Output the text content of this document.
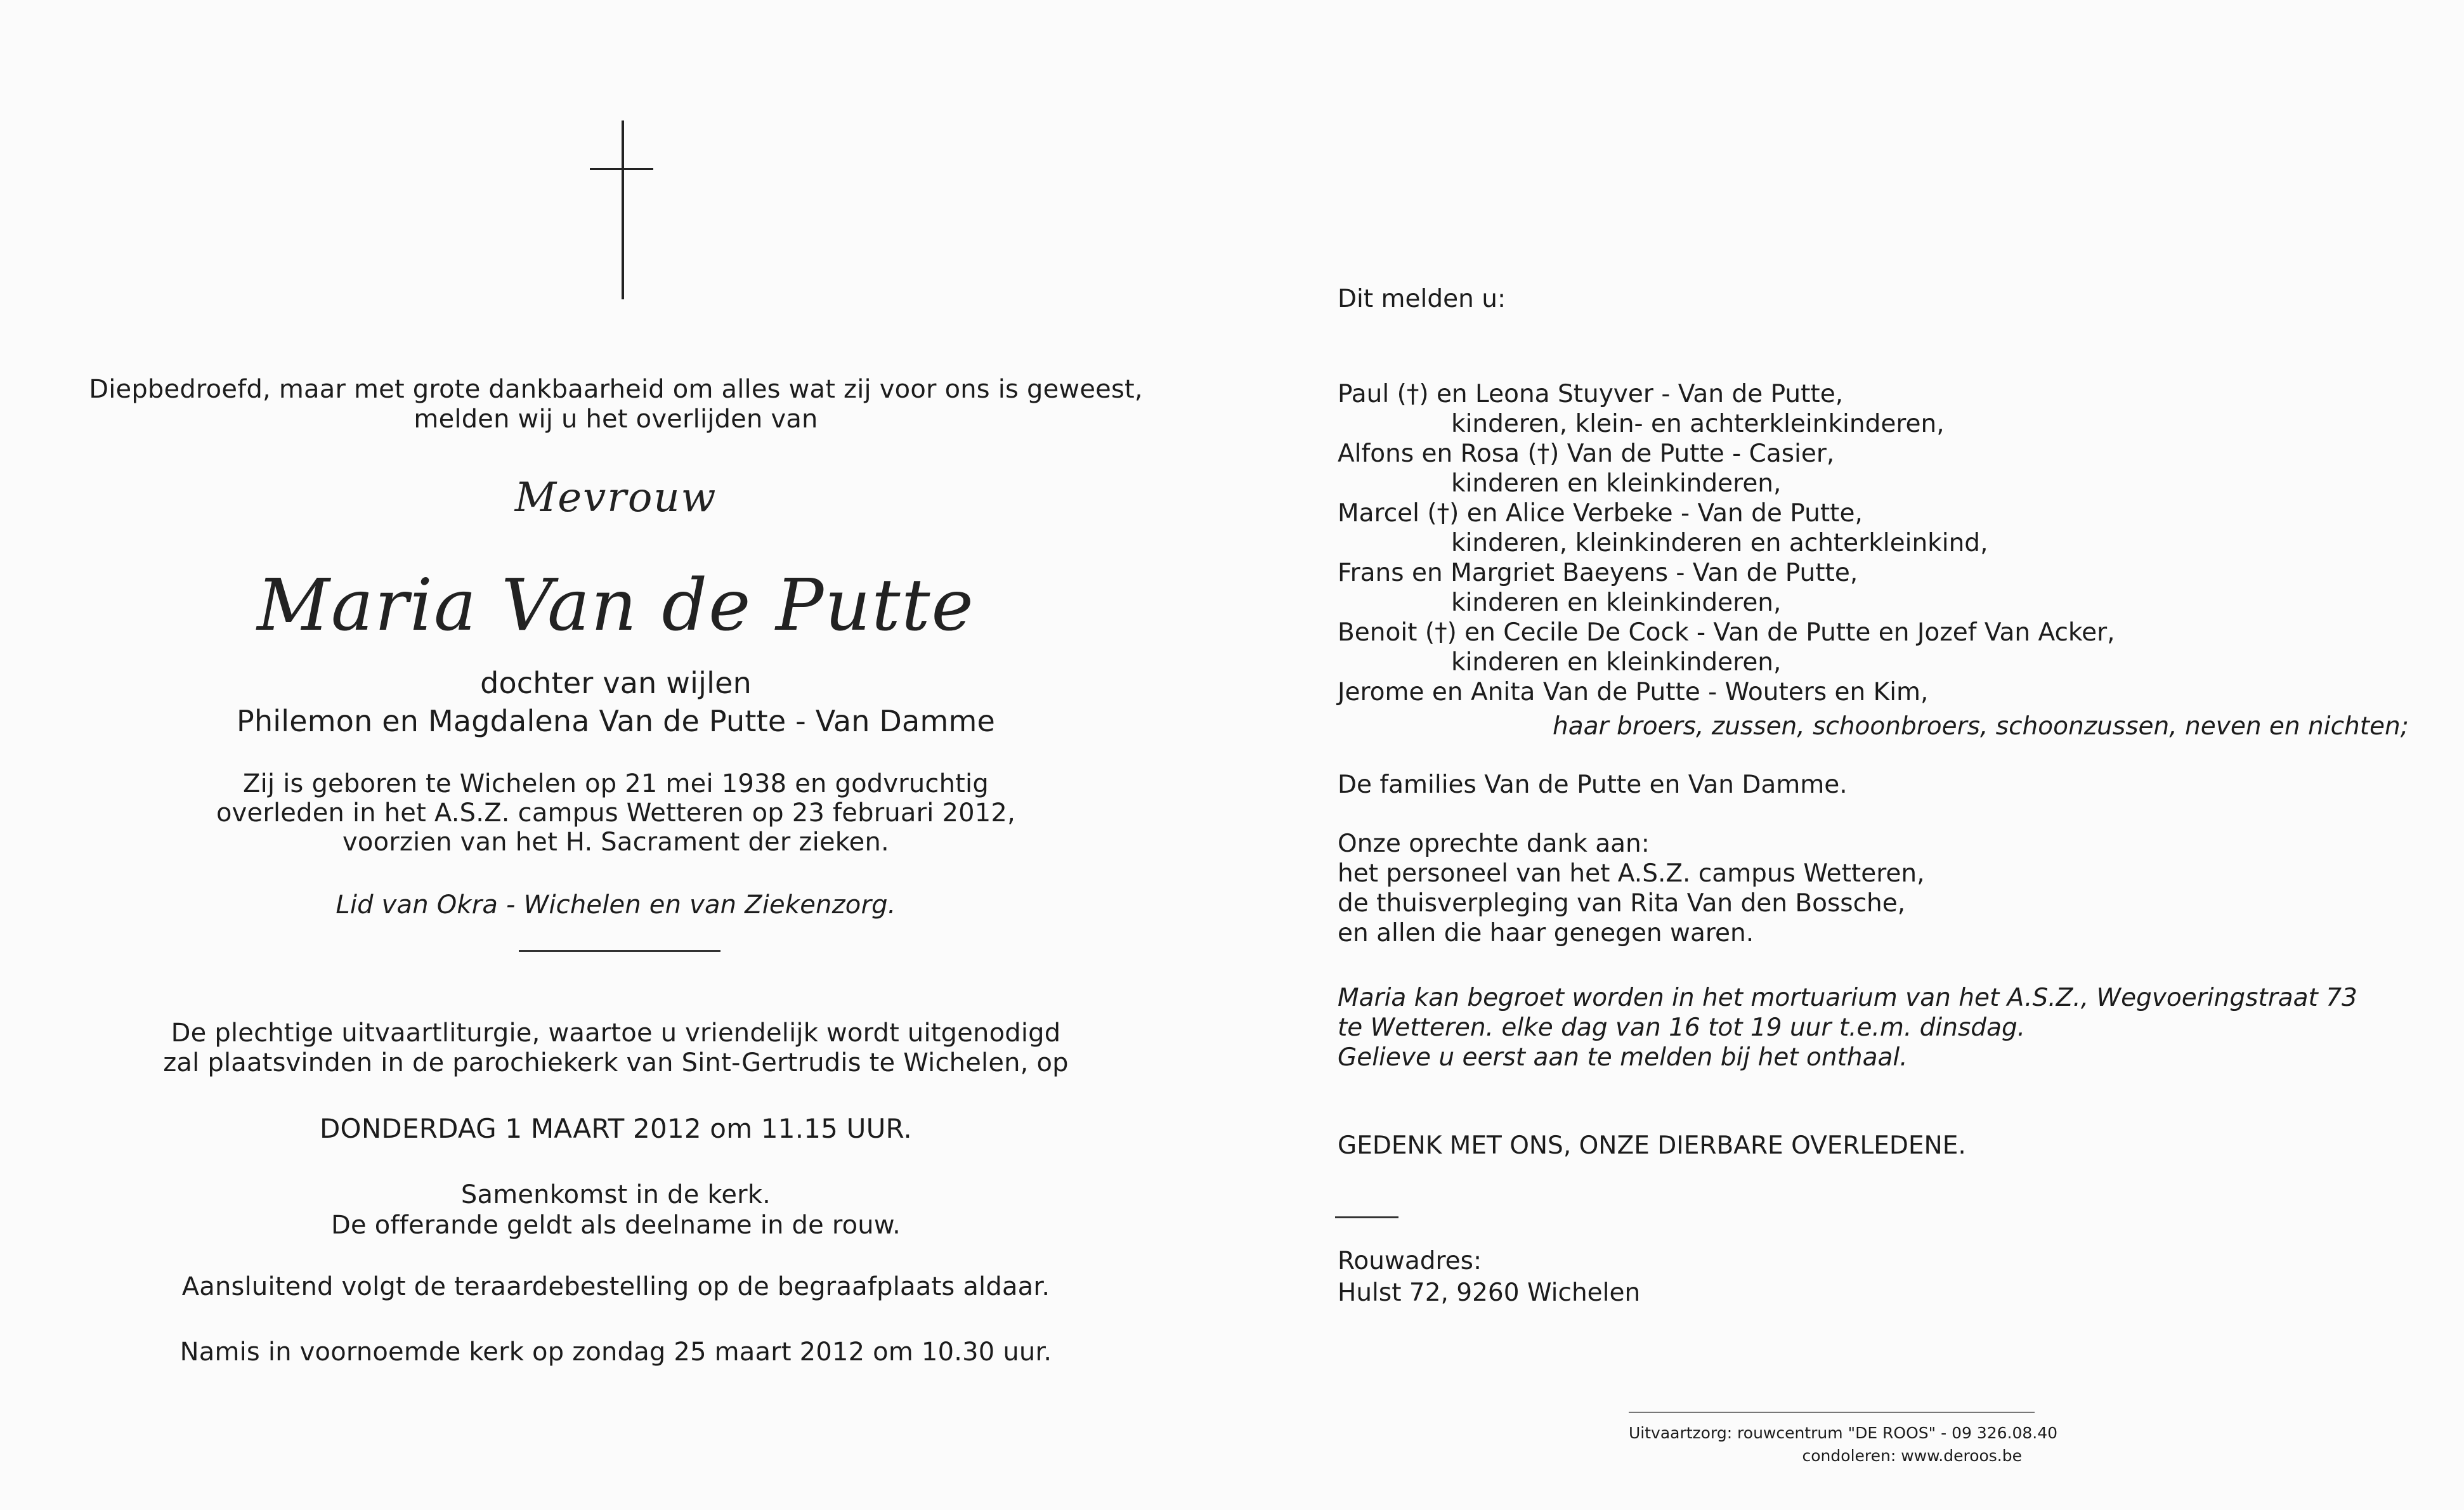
Diepbedroefd, maar met grote dankbaarheid om alles wat zij voor ons is geweest,
melden wij u het overlijden van
Mevrouw
Maria Van de Putte
dochter van wijlen
Philemon en Magdalena Van de Putte - Van Damme
Zij is geboren te Wichelen op 21 mei 1938 en godvruchtig
overleden in het A.S.Z. campus Wetteren op 23 februari 2012,
voorzien van het H. Sacrament der zieken.
Lid van Okra - Wichelen en van Ziekenzorg.
De plechtige uitvaartliturgie, waartoe u vriendelijk wordt uitgenodigd
zal plaatsvinden in de parochiekerk van Sint-Gertrudis te Wichelen, op
DONDERDAG 1 MAART 2012 om 11.15 UUR.
Samenkomst in de kerk.
De offerande geldt als deelname in de rouw.
Aansluitend volgt de teraardebestelling op de begraafplaats aldaar.
Namis in voornoemde kerk op zondag 25 maart 2012 om 10.30 uur.
Dit melden u:
Paul (†) en Leona Stuyver - Van de Putte,
kinderen, klein- en achterkleinkinderen,
Alfons en Rosa (†) Van de Putte - Casier,
kinderen en kleinkinderen,
Marcel (†) en Alice Verbeke - Van de Putte,
kinderen, kleinkinderen en achterkleinkind,
Frans en Margriet Baeyens - Van de Putte,
kinderen en kleinkinderen,
Benoit (†) en Cecile De Cock - Van de Putte en Jozef Van Acker,
kinderen en kleinkinderen,
Jerome en Anita Van de Putte - Wouters en Kim,
haar broers, zussen, schoonbroers, schoonzussen, neven en nichten;
De families Van de Putte en Van Damme.
Onze oprechte dank aan:
het personeel van het A.S.Z. campus Wetteren,
de thuisverpleging van Rita Van den Bossche,
en allen die haar genegen waren.
Maria kan begroet worden in het mortuarium van het A.S.Z., Wegvoeringstraat 73
te Wetteren. elke dag van 16 tot 19 uur t.e.m. dinsdag.
Gelieve u eerst aan te melden bij het onthaal.
GEDENK MET ONS, ONZE DIERBARE OVERLEDENE.
Rouwadres:
Hulst 72, 9260 Wichelen
Uitvaartzorg: rouwcentrum "DE ROOS" - 09 326.08.40
condoleren: www.deroos.be
